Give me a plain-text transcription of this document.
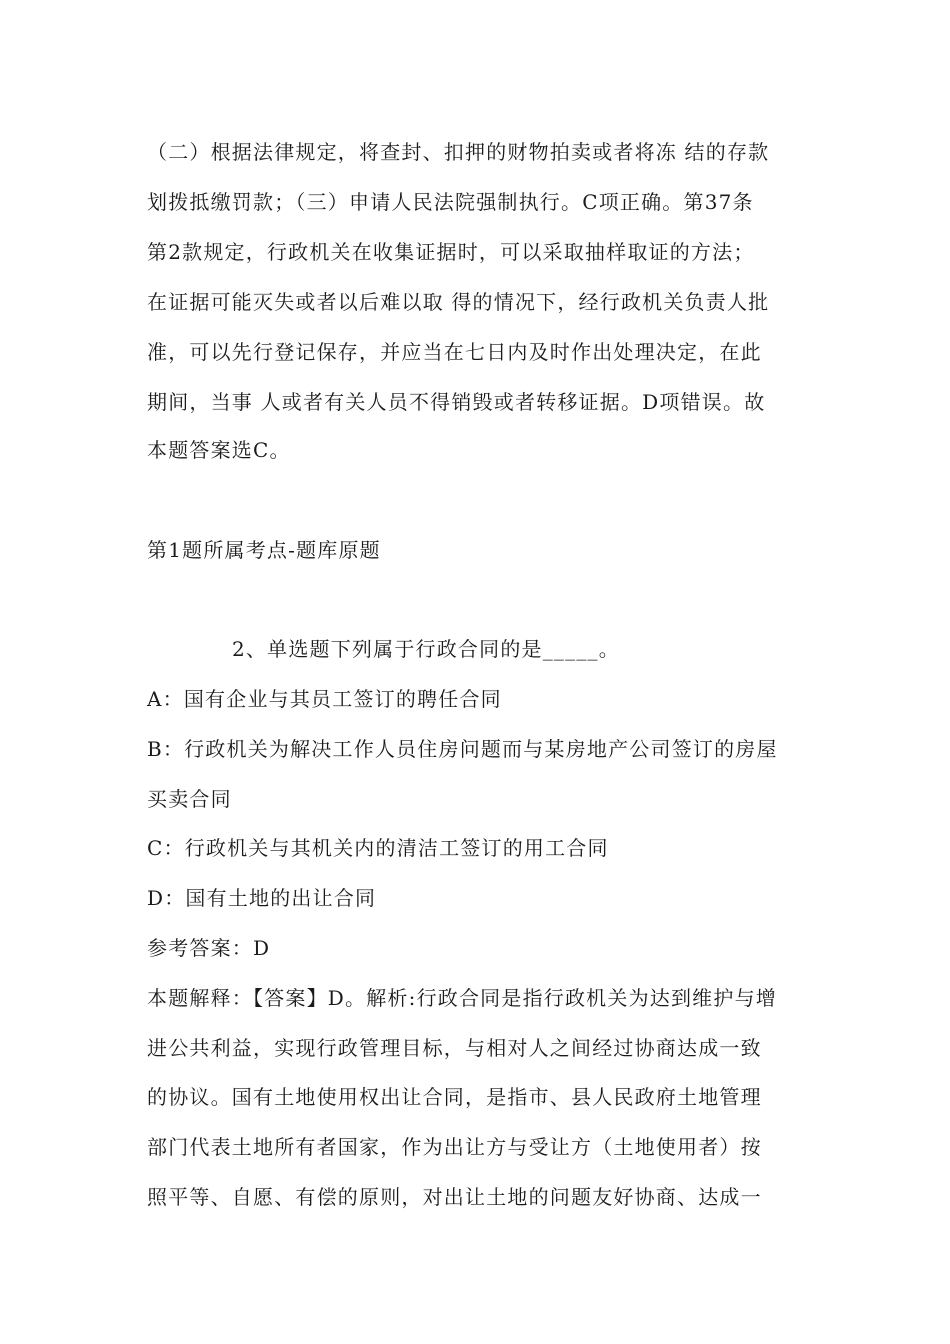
（二）根据法律规定，将查封、扣押的财物拍卖或者将冻 结的存款
划拨抵缴罚款；（三）申请人民法院强制执行。C项正确。第37条
第2款规定，行政机关在收集证据时，可以采取抽样取证的方法；
在证据可能灭失或者以后难以取 得的情况下，经行政机关负责人批
准，可以先行登记保存，并应当在七日内及时作出处理决定，在此
期间，当事 人或者有关人员不得销毁或者转移证据。D项错误。故
本题答案选C。
第1题所属考点-题库原题
2、单选题下列属于行政合同的是_____。
A：国有企业与其员工签订的聘任合同
B：行政机关为解决工作人员住房问题而与某房地产公司签订的房屋
买卖合同
C：行政机关与其机关内的清洁工签订的用工合同
D：国有土地的出让合同
参考答案：D
本题解释：【答案】D。解析:行政合同是指行政机关为达到维护与增
进公共利益，实现行政管理目标，与相对人之间经过协商达成一致
的协议。国有土地使用权出让合同，是指市、县人民政府土地管理
部门代表土地所有者国家，作为出让方与受让方（土地使用者）按
照平等、自愿、有偿的原则，对出让土地的问题友好协商、达成一
